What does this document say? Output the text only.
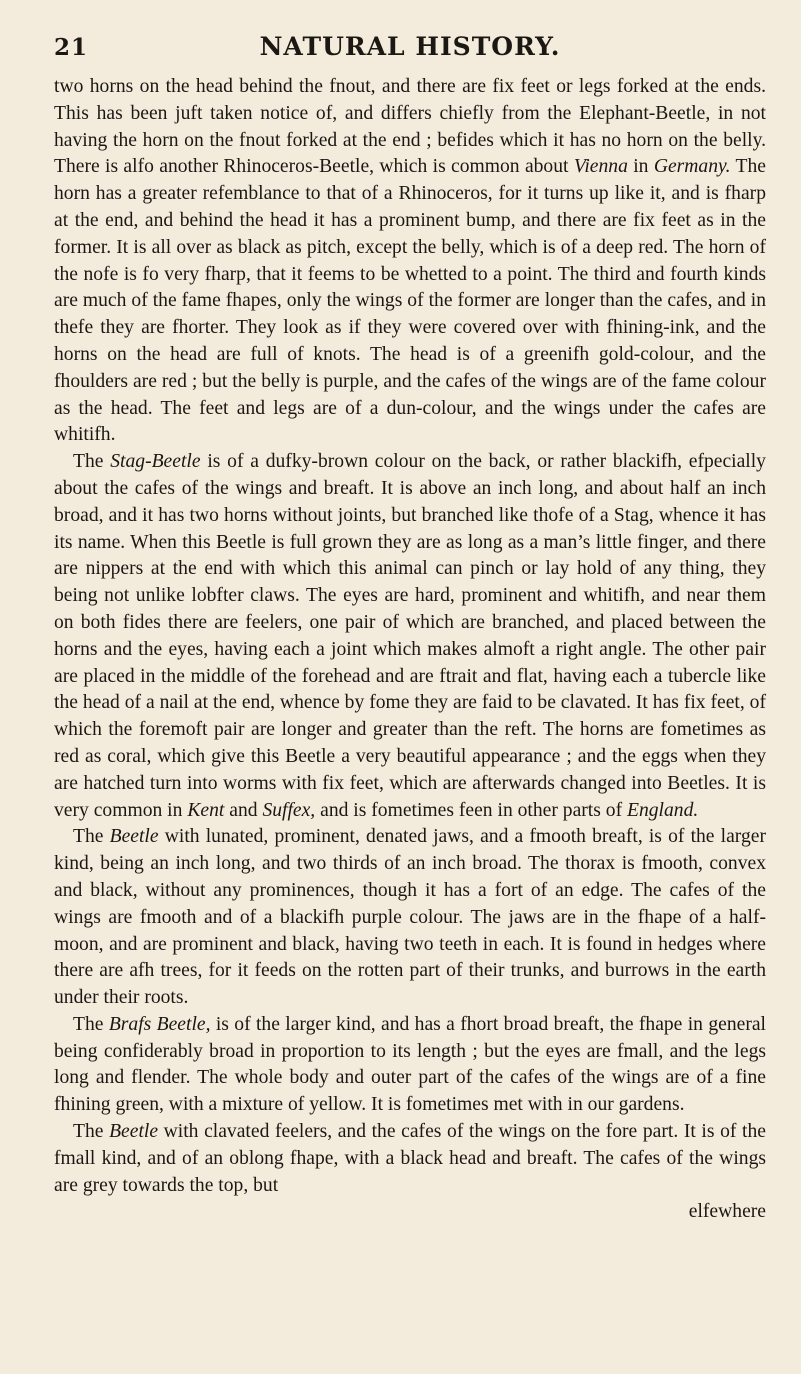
21	NATURAL HISTORY.

two horns on the head behind the fnout, and there are fix feet or legs forked at the ends. This has been juft taken notice of, and differs chiefly from the Elephant-Beetle, in not having the horn on the fnout forked at the end ; befides which it has no horn on the belly. There is alfo another Rhinoceros-Beetle, which is common about Vienna in Germany. The horn has a greater refemblance to that of a Rhinoceros, for it turns up like it, and is fharp at the end, and behind the head it has a prominent bump, and there are fix feet as in the former. It is all over as black as pitch, except the belly, which is of a deep red. The horn of the nofe is fo very fharp, that it feems to be whetted to a point. The third and fourth kinds are much of the fame fhapes, only the wings of the former are longer than the cafes, and in thefe they are fhorter. They look as if they were covered over with fhining-ink, and the horns on the head are full of knots. The head is of a greenifh gold-colour, and the fhoulders are red ; but the belly is purple, and the cafes of the wings are of the fame colour as the head. The feet and legs are of a dun-colour, and the wings under the cafes are whitifh.

The Stag-Beetle is of a dufky-brown colour on the back, or rather blackifh, efpecially about the cafes of the wings and breaft. It is above an inch long, and about half an inch broad, and it has two horns without joints, but branched like thofe of a Stag, whence it has its name. When this Beetle is full grown they are as long as a man’s little finger, and there are nippers at the end with which this animal can pinch or lay hold of any thing, they being not unlike lobfter claws. The eyes are hard, prominent and whitifh, and near them on both fides there are feelers, one pair of which are branched, and placed between the horns and the eyes, having each a joint which makes almoft a right angle. The other pair are placed in the middle of the forehead and are ftrait and flat, having each a tubercle like the head of a nail at the end, whence by fome they are faid to be clavated. It has fix feet, of which the foremoft pair are longer and greater than the reft. The horns are fometimes as red as coral, which give this Beetle a very beautiful appearance ; and the eggs when they are hatched turn into worms with fix feet, which are afterwards changed into Beetles. It is very common in Kent and Suffex, and is fometimes feen in other parts of England.

The Beetle with lunated, prominent, denated jaws, and a fmooth breaft, is of the larger kind, being an inch long, and two thirds of an inch broad. The thorax is fmooth, convex and black, without any prominences, though it has a fort of an edge. The cafes of the wings are fmooth and of a blackifh purple colour. The jaws are in the fhape of a half-moon, and are prominent and black, having two teeth in each. It is found in hedges where there are afh trees, for it feeds on the rotten part of their trunks, and burrows in the earth under their roots.

The Brafs Beetle, is of the larger kind, and has a fhort broad breaft, the fhape in general being confiderably broad in proportion to its length ; but the eyes are fmall, and the legs long and flender. The whole body and outer part of the cafes of the wings are of a fine fhining green, with a mixture of yellow. It is fometimes met with in our gardens.

The Beetle with clavated feelers, and the cafes of the wings on the fore part. It is of the fmall kind, and of an oblong fhape, with a black head and breaft. The cafes of the wings are grey towards the top, but

elfewhere
